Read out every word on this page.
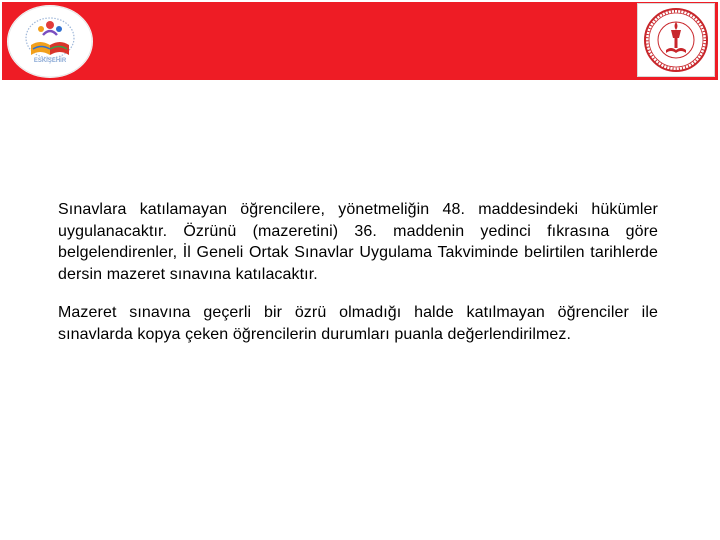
ESKİŞEHİR

Sınavlara katılamayan öğrencilere, yönetmeliğin 48. maddesindeki hükümler uygulanacaktır. Özrünü (mazeretini) 36. maddenin yedinci fıkrasına göre belgelendirenler, İl Geneli Ortak Sınavlar Uygulama Takviminde belirtilen tarihlerde dersin mazeret sınavına katılacaktır.

Mazeret sınavına geçerli bir özrü olmadığı halde katılmayan öğrenciler ile sınavlarda kopya çeken öğrencilerin durumları puanla değerlendirilmez.
